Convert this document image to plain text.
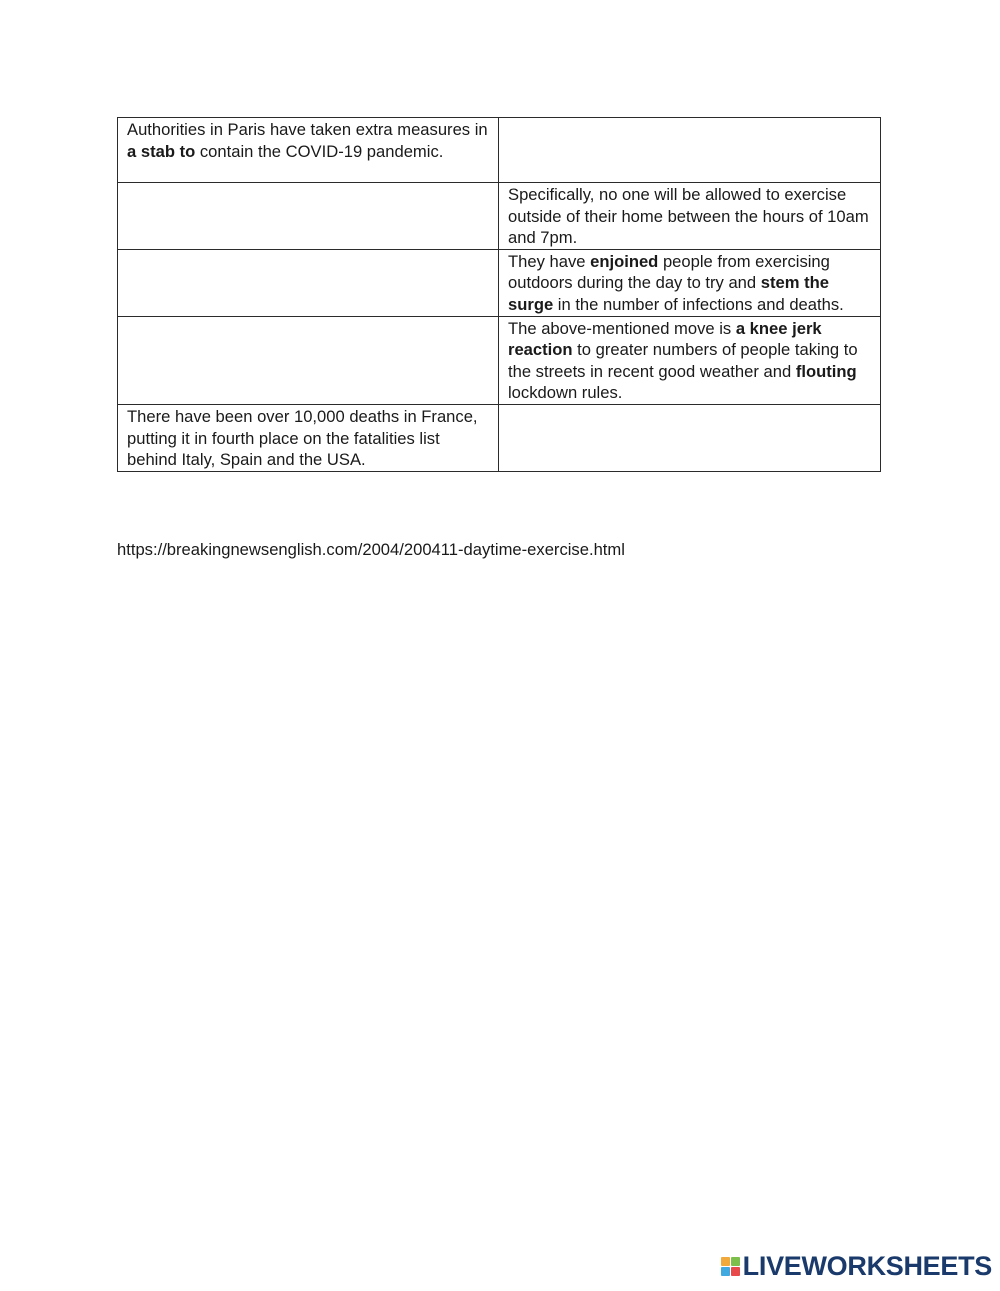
Authorities in Paris have taken extra measures in a stab to contain the COVID-19 pandemic.	
	Specifically, no one will be allowed to exercise outside of their home between the hours of 10am and 7pm.
	They have enjoined people from exercising outdoors during the day to try and stem the surge in the number of infections and deaths.
	The above-mentioned move is a knee jerk reaction to greater numbers of people taking to the streets in recent good weather and flouting lockdown rules.
There have been over 10,000 deaths in France, putting it in fourth place on the fatalities list behind Italy, Spain and the USA.	
https://breakingnewsenglish.com/2004/200411-daytime-exercise.html
LIVEWORKSHEETS
